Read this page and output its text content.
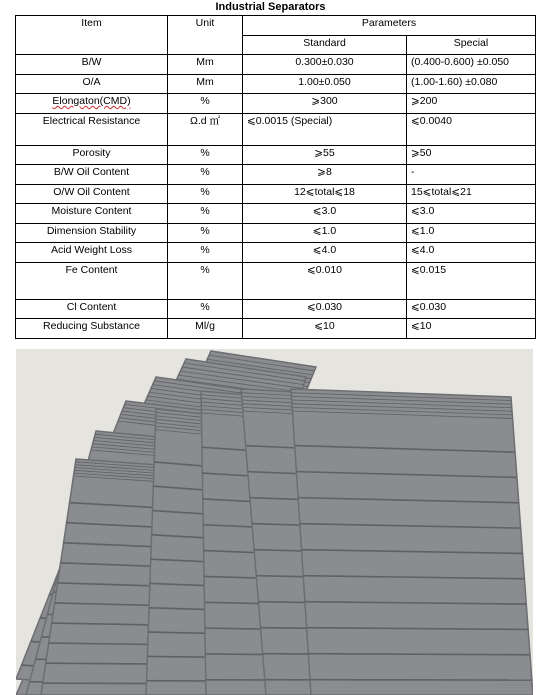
Industrial Separators
Item	Unit	Parameters	
		Standard	Special
B/W	Mm	0.300±0.030	(0.400-0.600) ±0.050
O/A	Mm	1.00±0.050	(1.00-1.60) ±0.080
Elongaton(CMD)	%	⩾300	⩾200
Electrical Resistance	Ω.d ㎡	⩽0.0015 (Special)	⩽0.0040
Porosity	%	⩾55	⩾50
B/W Oil Content	%	⩾8	-
O/W Oil Content	%	12⩽total⩽18	15⩽total⩽21
Moisture Content	%	⩽3.0	⩽3.0
Dimension Stability	%	⩽1.0	⩽1.0
Acid Weight Loss	%	⩽4.0	⩽4.0
Fe Content	%	⩽0.010	⩽0.015
Cl Content	%	⩽0.030	⩽0.030
Reducing Substance	Ml/g	⩽10	⩽10
